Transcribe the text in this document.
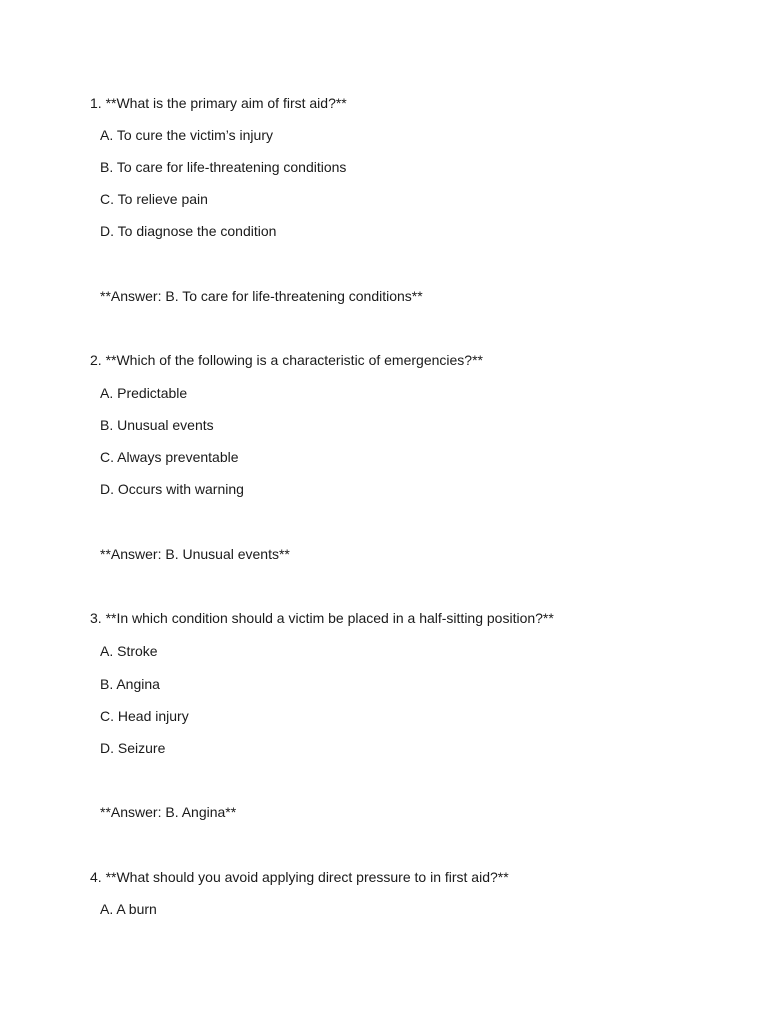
1. **What is the primary aim of first aid?**
A. To cure the victim’s injury
B. To care for life-threatening conditions
C. To relieve pain
D. To diagnose the condition
**Answer: B. To care for life-threatening conditions**
2. **Which of the following is a characteristic of emergencies?**
A. Predictable
B. Unusual events
C. Always preventable
D. Occurs with warning
**Answer: B. Unusual events**
3. **In which condition should a victim be placed in a half-sitting position?**
A. Stroke
B. Angina
C. Head injury
D. Seizure
**Answer: B. Angina**
4. **What should you avoid applying direct pressure to in first aid?**
A. A burn
